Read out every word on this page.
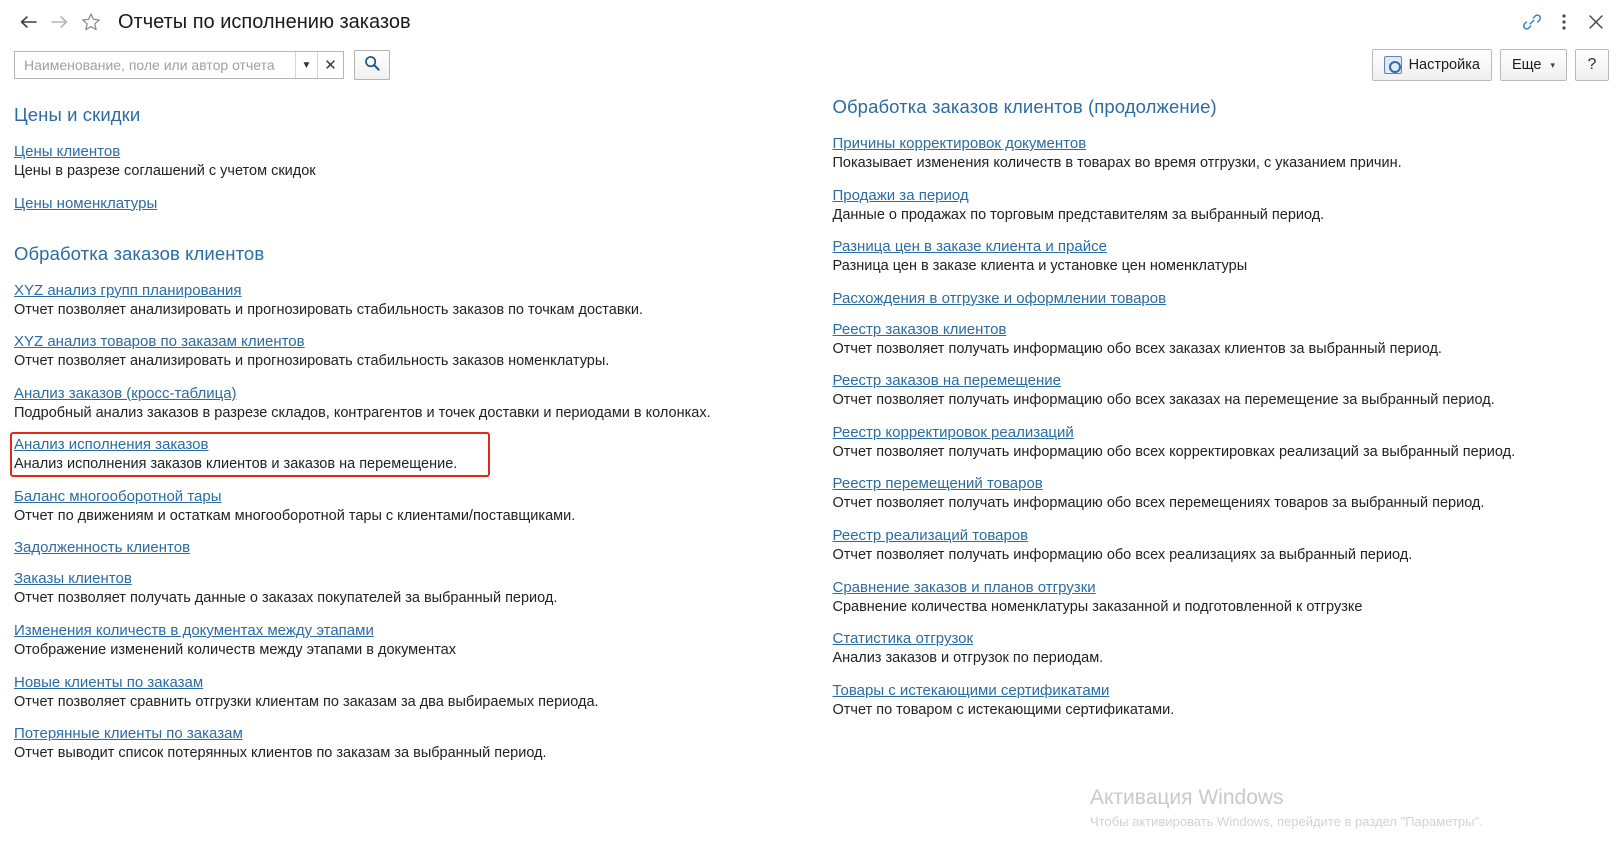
Отчеты по исполнению заказов
Наименование, поле или автор отчета
▼ ✕	Настройка Еще ▾ ?
Цены и скидки
Цены клиентов
Цены в разрезе соглашений с учетом скидок
Цены номенклатуры
Обработка заказов клиентов
XYZ анализ групп планирования
Отчет позволяет анализировать и прогнозировать стабильность заказов по точкам доставки.
XYZ анализ товаров по заказам клиентов
Отчет позволяет анализировать и прогнозировать стабильность заказов номенклатуры.
Анализ заказов (кросс-таблица)
Подробный анализ заказов в разрезе складов, контрагентов и точек доставки и периодами в колонках.
Анализ исполнения заказов
Анализ исполнения заказов клиентов и заказов на перемещение.
Баланс многооборотной тары
Отчет по движениям и остаткам многооборотной тары с клиентами/поставщиками.
Задолженность клиентов
Заказы клиентов
Отчет позволяет получать данные о заказах покупателей за выбранный период.
Изменения количеств в документах между этапами
Отображение изменений количеств между этапами в документах
Новые клиенты по заказам
Отчет позволяет сравнить отгрузки клиентам по заказам за два выбираемых периода.
Потерянные клиенты по заказам
Отчет выводит список потерянных клиентов по заказам за выбранный период.
Обработка заказов клиентов (продолжение)
Причины корректировок документов
Показывает изменения количеств в товарах во время отгрузки, с указанием причин.
Продажи за период
Данные о продажах по торговым представителям за выбранный период.
Разница цен в заказе клиента и прайсе
Разница цен в заказе клиента и установке цен номенклатуры
Расхождения в отгрузке и оформлении товаров
Реестр заказов клиентов
Отчет позволяет получать информацию обо всех заказах клиентов за выбранный период.
Реестр заказов на перемещение
Отчет позволяет получать информацию обо всех заказах на перемещение за выбранный период.
Реестр корректировок реализаций
Отчет позволяет получать информацию обо всех корректировках реализаций за выбранный период.
Реестр перемещений товаров
Отчет позволяет получать информацию обо всех перемещениях товаров за выбранный период.
Реестр реализаций товаров
Отчет позволяет получать информацию обо всех реализациях за выбранный период.
Сравнение заказов и планов отгрузки
Сравнение количества номенклатуры заказанной и подготовленной к отгрузке
Статистика отгрузок
Анализ заказов и отгрузок по периодам.
Товары с истекающими сертификатами
Отчет по товаром с истекающими сертификатами.
Активация Windows
Чтобы активировать Windows, перейдите в раздел "Параметры".
